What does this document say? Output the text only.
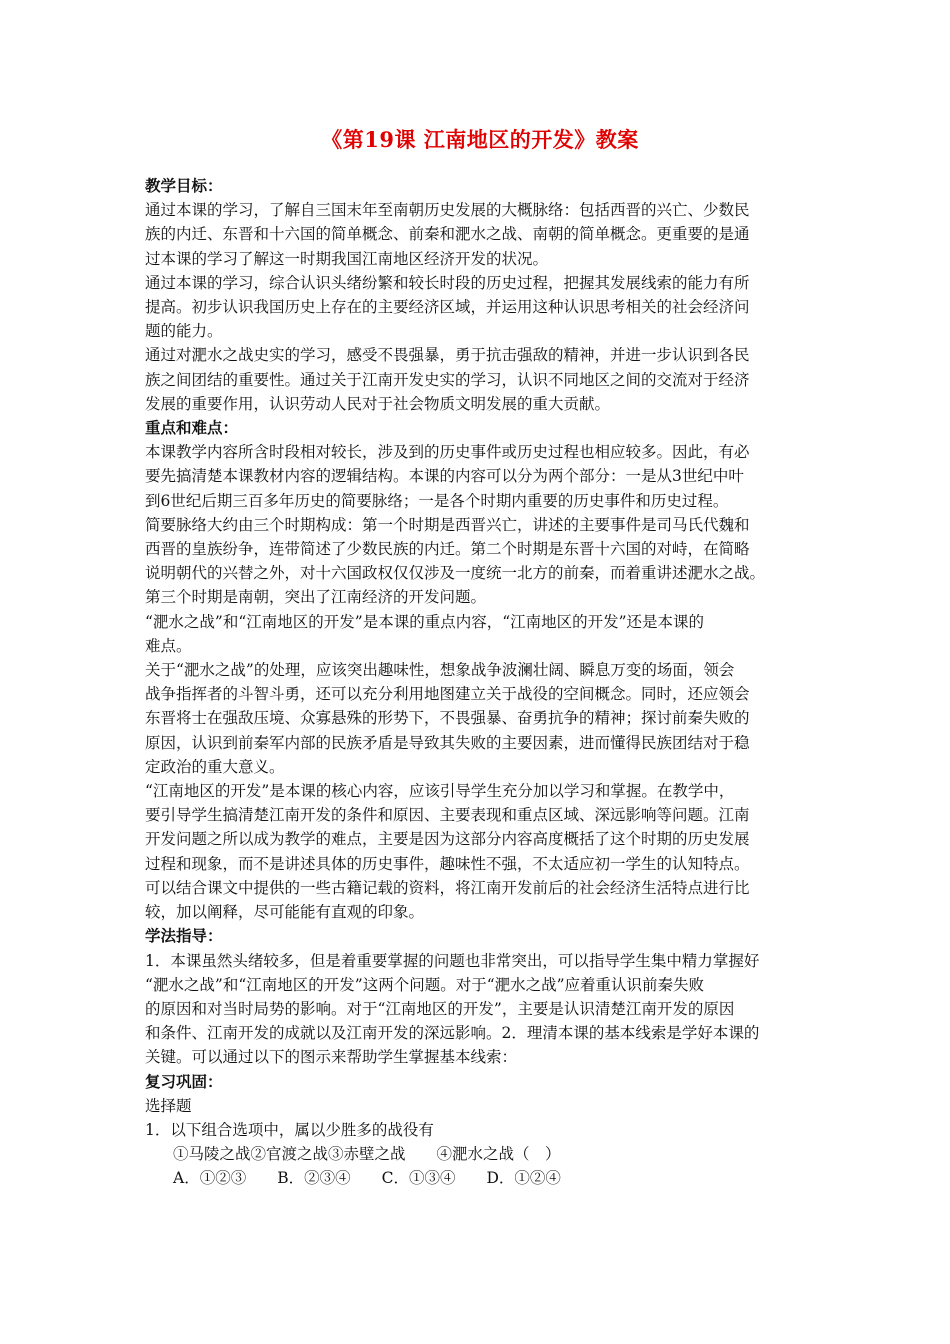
《第19课 江南地区的开发》教案

教学目标：

通过本课的学习，了解自三国末年至南朝历史发展的大概脉络：包括西晋的兴亡、少数民

族的内迁、东晋和十六国的简单概念、前秦和淝水之战、南朝的简单概念。更重要的是通

过本课的学习了解这一时期我国江南地区经济开发的状况。

通过本课的学习，综合认识头绪纷繁和较长时段的历史过程，把握其发展线索的能力有所

提高。初步认识我国历史上存在的主要经济区域，并运用这种认识思考相关的社会经济问

题的能力。

通过对淝水之战史实的学习，感受不畏强暴，勇于抗击强敌的精神，并进一步认识到各民

族之间团结的重要性。通过关于江南开发史实的学习，认识不同地区之间的交流对于经济

发展的重要作用，认识劳动人民对于社会物质文明发展的重大贡献。

重点和难点：

本课教学内容所含时段相对较长，涉及到的历史事件或历史过程也相应较多。因此，有必

要先搞清楚本课教材内容的逻辑结构。本课的内容可以分为两个部分：一是从3世纪中叶

到6世纪后期三百多年历史的简要脉络；一是各个时期内重要的历史事件和历史过程。

简要脉络大约由三个时期构成：第一个时期是西晋兴亡，讲述的主要事件是司马氏代魏和

西晋的皇族纷争，连带简述了少数民族的内迁。第二个时期是东晋十六国的对峙，在简略

说明朝代的兴替之外，对十六国政权仅仅涉及一度统一北方的前秦，而着重讲述淝水之战。

第三个时期是南朝，突出了江南经济的开发问题。

“淝水之战”和“江南地区的开发”是本课的重点内容，“江南地区的开发”还是本课的

难点。

关于“淝水之战”的处理，应该突出趣味性，想象战争波澜壮阔、瞬息万变的场面，领会

战争指挥者的斗智斗勇，还可以充分利用地图建立关于战役的空间概念。同时，还应领会

东晋将士在强敌压境、众寡悬殊的形势下，不畏强暴、奋勇抗争的精神；探讨前秦失败的

原因，认识到前秦军内部的民族矛盾是导致其失败的主要因素，进而懂得民族团结对于稳

定政治的重大意义。

“江南地区的开发”是本课的核心内容，应该引导学生充分加以学习和掌握。在教学中，

要引导学生搞清楚江南开发的条件和原因、主要表现和重点区域、深远影响等问题。江南

开发问题之所以成为教学的难点，主要是因为这部分内容高度概括了这个时期的历史发展

过程和现象，而不是讲述具体的历史事件，趣味性不强，不太适应初一学生的认知特点。

可以结合课文中提供的一些古籍记载的资料，将江南开发前后的社会经济生活特点进行比

较，加以阐释，尽可能能有直观的印象。

学法指导：

1．本课虽然头绪较多，但是着重要掌握的问题也非常突出，可以指导学生集中精力掌握好

“淝水之战”和“江南地区的开发”这两个问题。对于“淝水之战”应着重认识前秦失败

的原因和对当时局势的影响。对于“江南地区的开发”，主要是认识清楚江南开发的原因

和条件、江南开发的成就以及江南开发的深远影响。2．理清本课的基本线索是学好本课的

关键。可以通过以下的图示来帮助学生掌握基本线索：

复习巩固：

选择题

1．以下组合选项中，属以少胜多的战役有

①马陵之战②官渡之战③赤壁之战　　④淝水之战（　）

A．①②③　　B．②③④　　C．①③④　　D．①②④
